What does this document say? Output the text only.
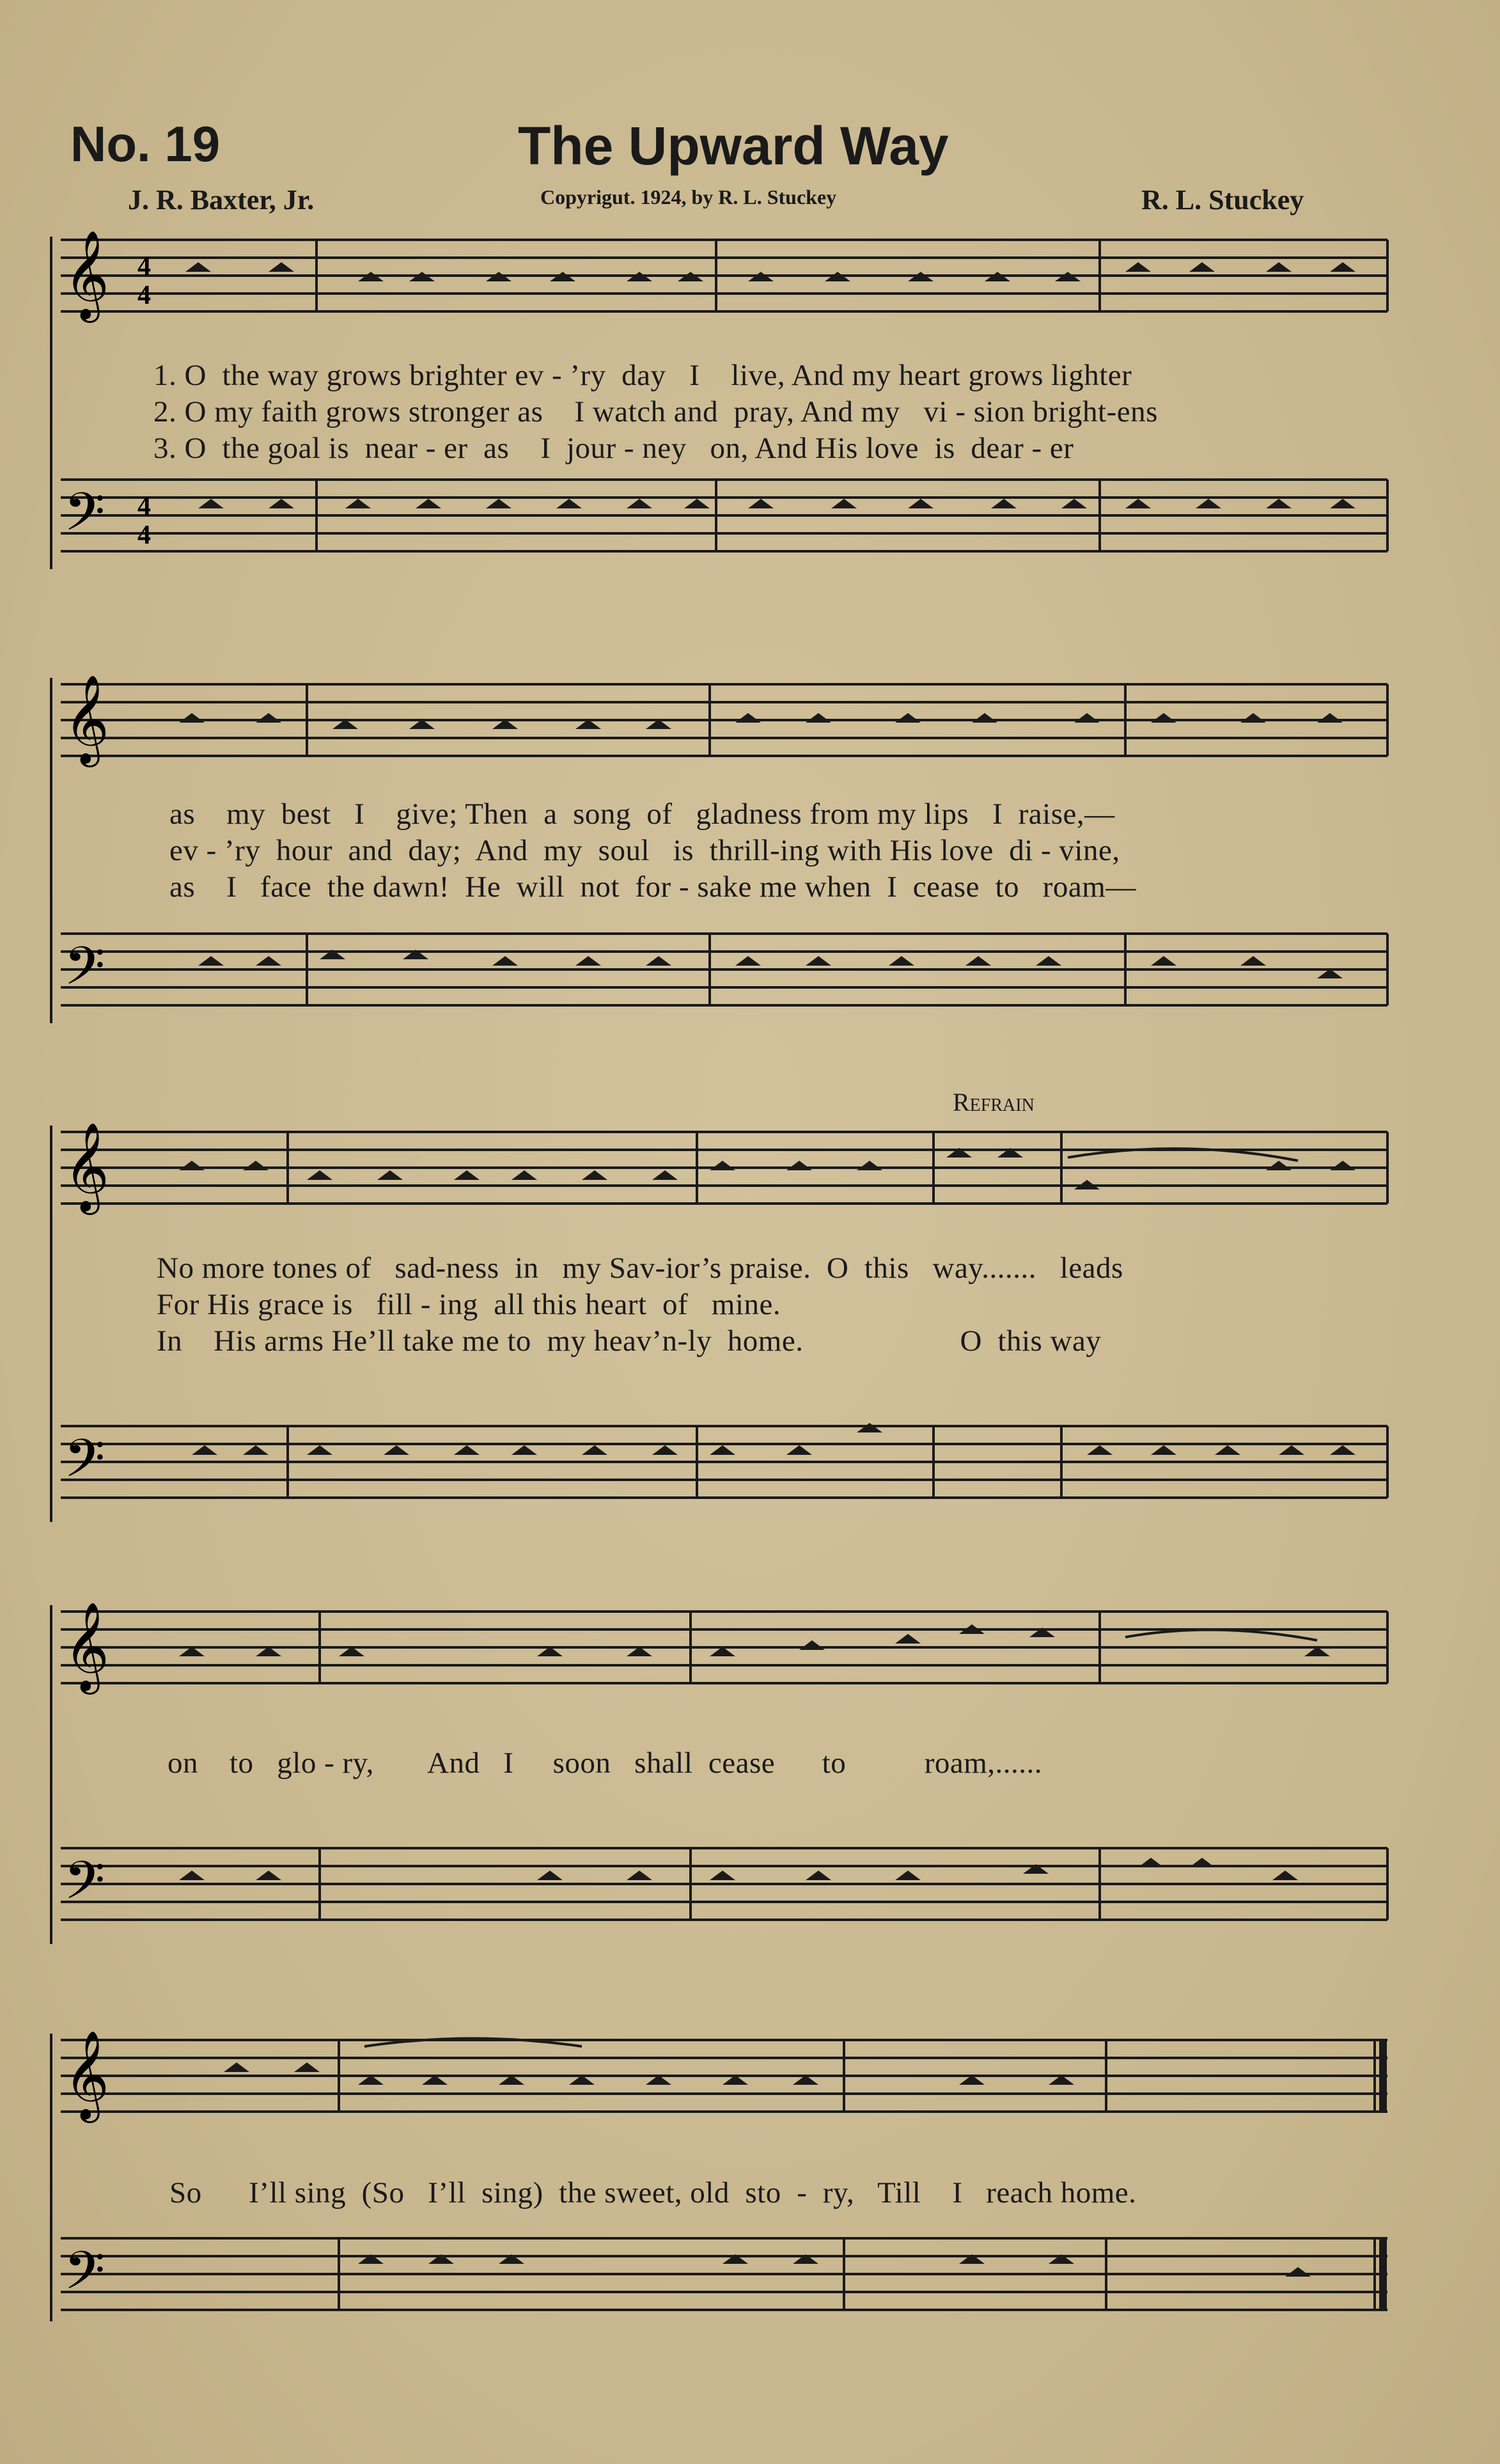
No. 19	The Upward Way
J. R. Baxter, Jr.	Copyrigut. 1924, by R. L. Stuckey	R. L. Stuckey
𝄞
𝄢
4
4
4
4
1. O  the way grows brighter ev - ’ry  day   I    live, And my heart grows lighter
2. O my faith grows stronger as    I watch and  pray, And my   vi - sion bright-ens
3. O  the goal is  near - er  as    I  jour - ney   on, And His love  is  dear - er
𝄞
𝄢
as    my  best   I    give; Then  a  song  of   gladness from my lips   I  raise,—
ev - ’ry  hour  and  day;  And  my  soul   is  thrill-ing with His love  di - vine,
as    I   face  the dawn!  He  will  not  for - sake me when  I  cease  to   roam—
𝄞
𝄢
Refrain
No more tones of   sad-ness  in   my Sav-ior’s praise.  O  this   way.......   leads
For His grace is   fill - ing  all this heart  of   mine.
In    His arms He’ll take me to  my heav’n-ly  home.                    O  this way
𝄞
𝄢
on    to   glo - ry,       And   I     soon   shall  cease      to          roam,......
𝄞
𝄢
So      I’ll sing  (So   I’ll  sing)  the sweet, old  sto  -  ry,   Till    I   reach home.
